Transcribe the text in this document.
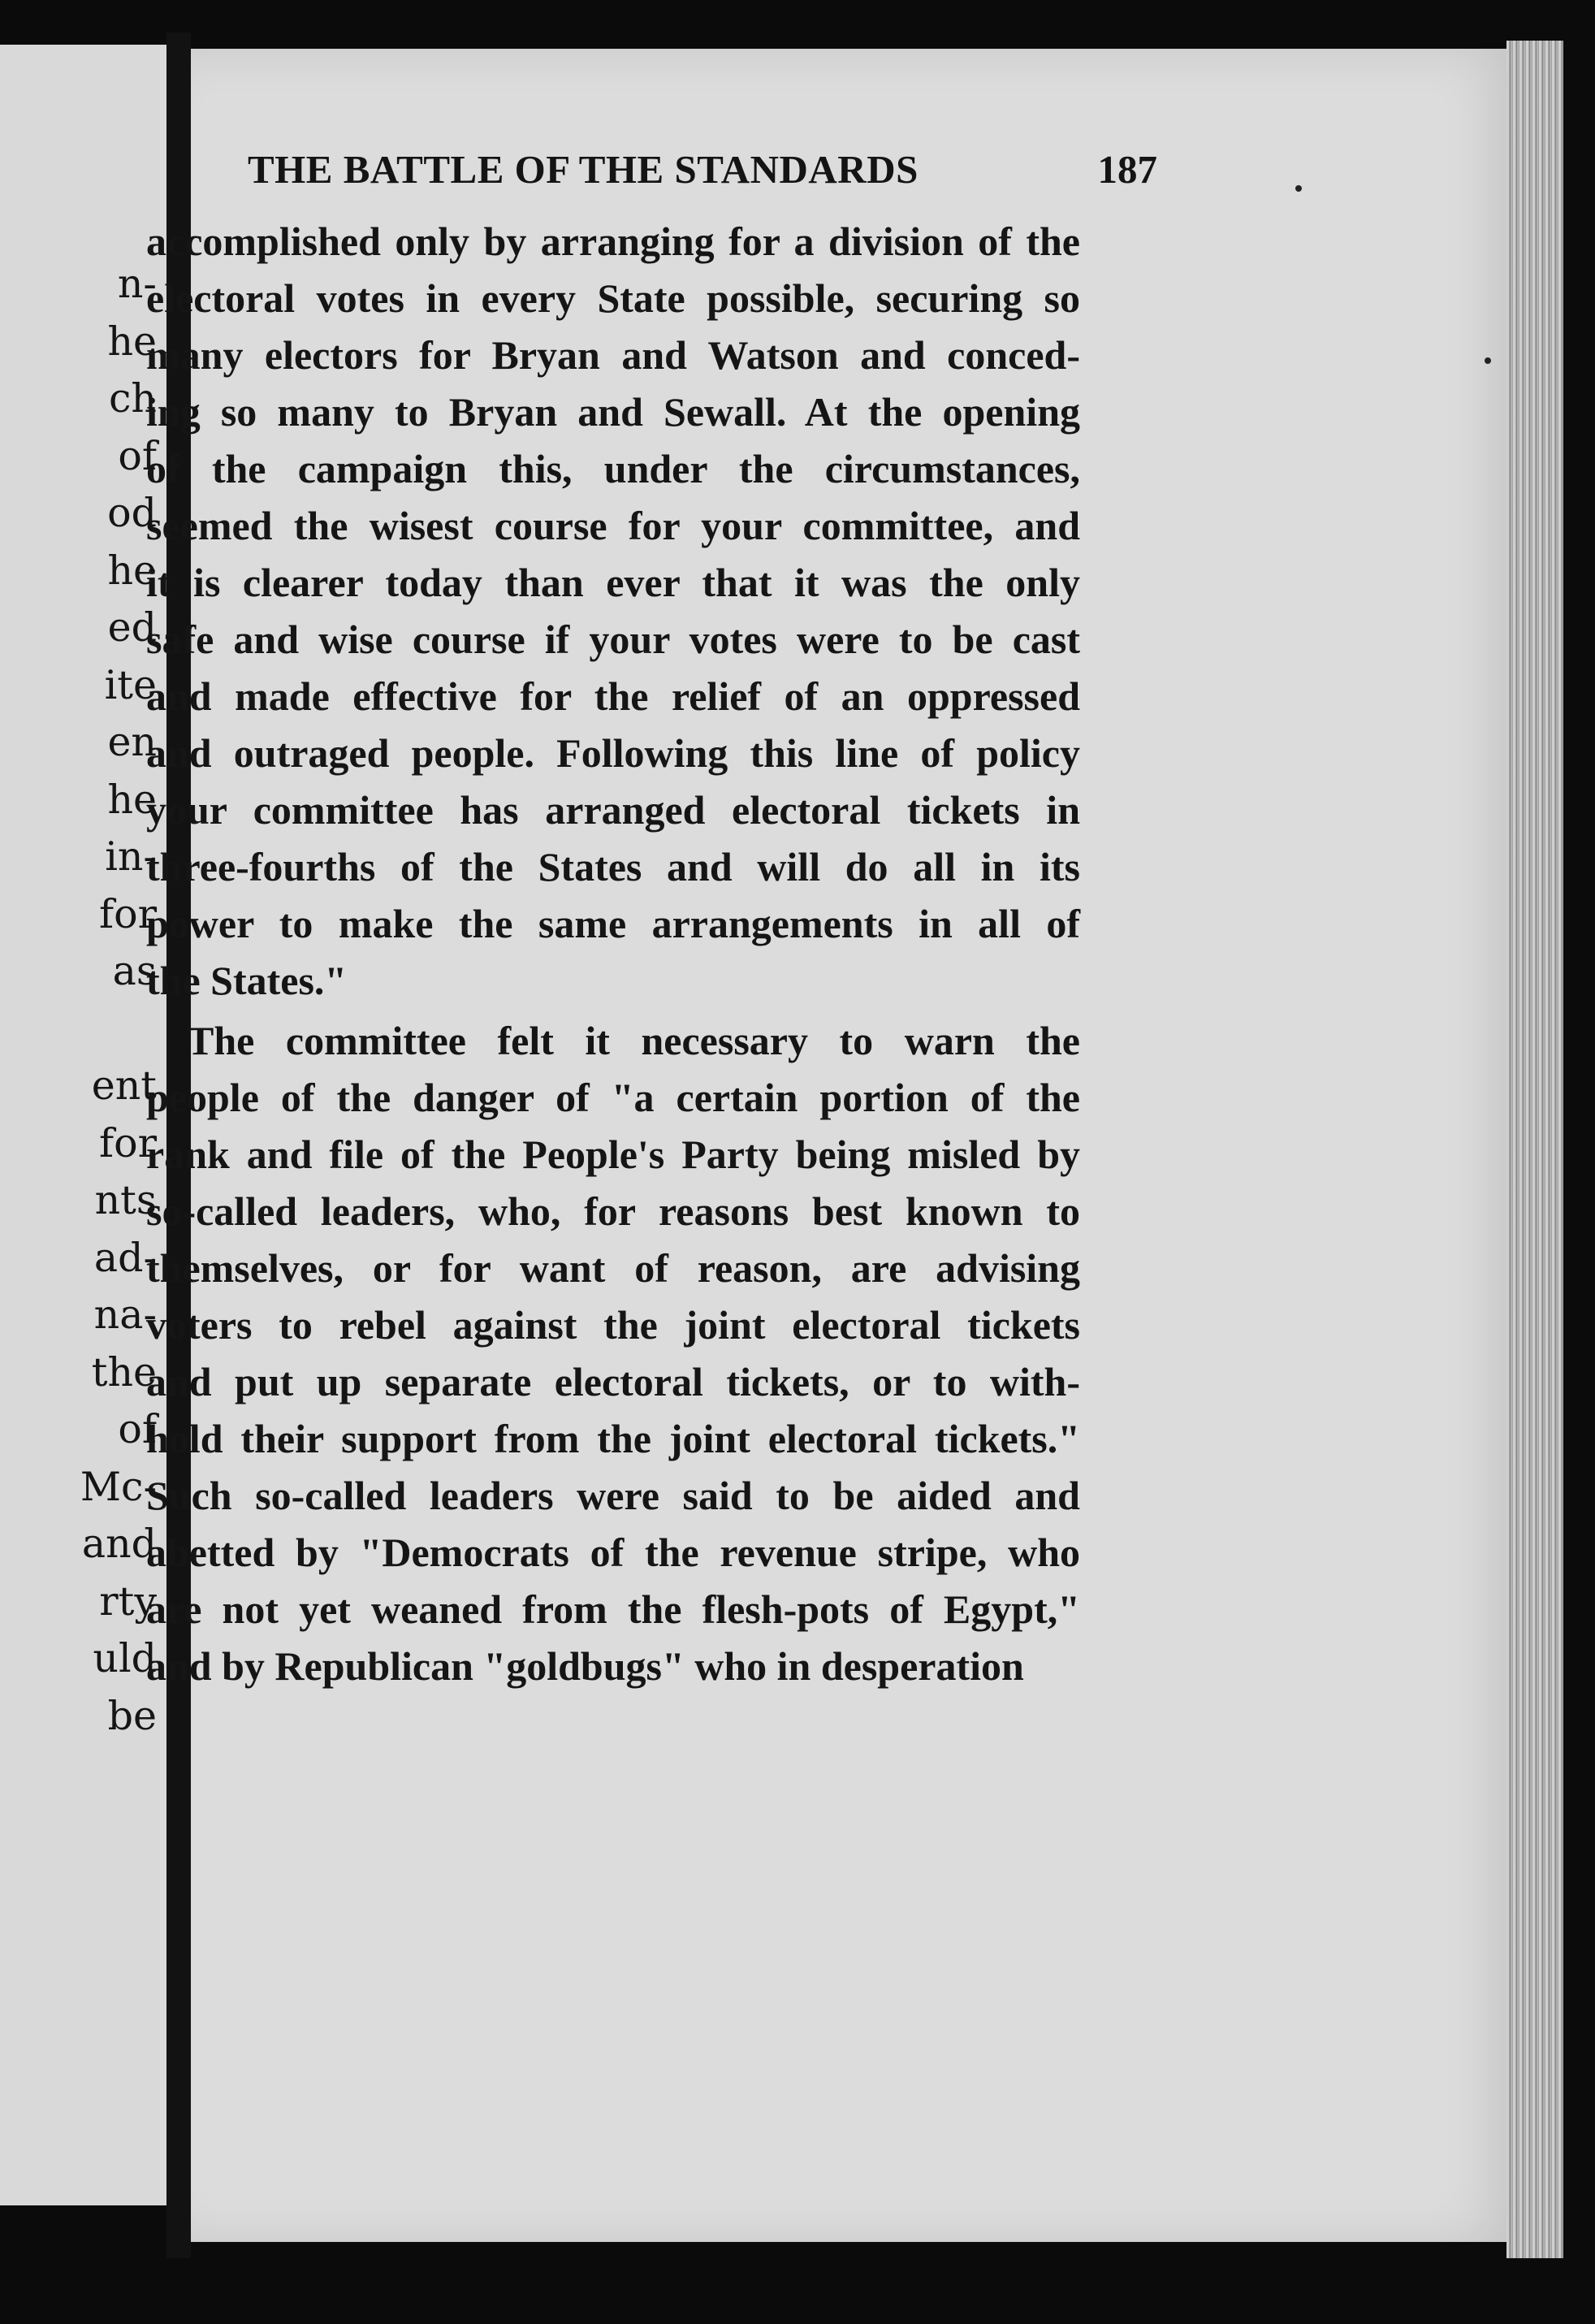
n-
he
ch
of
od
he
ed
ite
en
he
in-
for
as
ent
for
nts
ad-
na-
the
of
Mc-
and
rty
uld
be
THE BATTLE OF THE STANDARDS	187
accomplished only by arranging for a division of the
electoral votes in every State possible, securing so
many electors for Bryan and Watson and conced-
ing so many to Bryan and Sewall. At the opening
of the campaign this, under the circumstances,
seemed the wisest course for your committee, and
it is clearer today than ever that it was the only
safe and wise course if your votes were to be cast
and made effective for the relief of an oppressed
and outraged people. Following this line of policy
your committee has arranged electoral tickets in
three-fourths of the States and will do all in its
power to make the same arrangements in all of
the States."
The committee felt it necessary to warn the
people of the danger of "a certain portion of the
rank and file of the People's Party being misled by
so-called leaders, who, for reasons best known to
themselves, or for want of reason, are advising
voters to rebel against the joint electoral tickets
and put up separate electoral tickets, or to with-
hold their support from the joint electoral tickets."
Such so-called leaders were said to be aided and
abetted by "Democrats of the revenue stripe, who
are not yet weaned from the flesh-pots of Egypt,"
and by Republican "goldbugs" who in desperation
